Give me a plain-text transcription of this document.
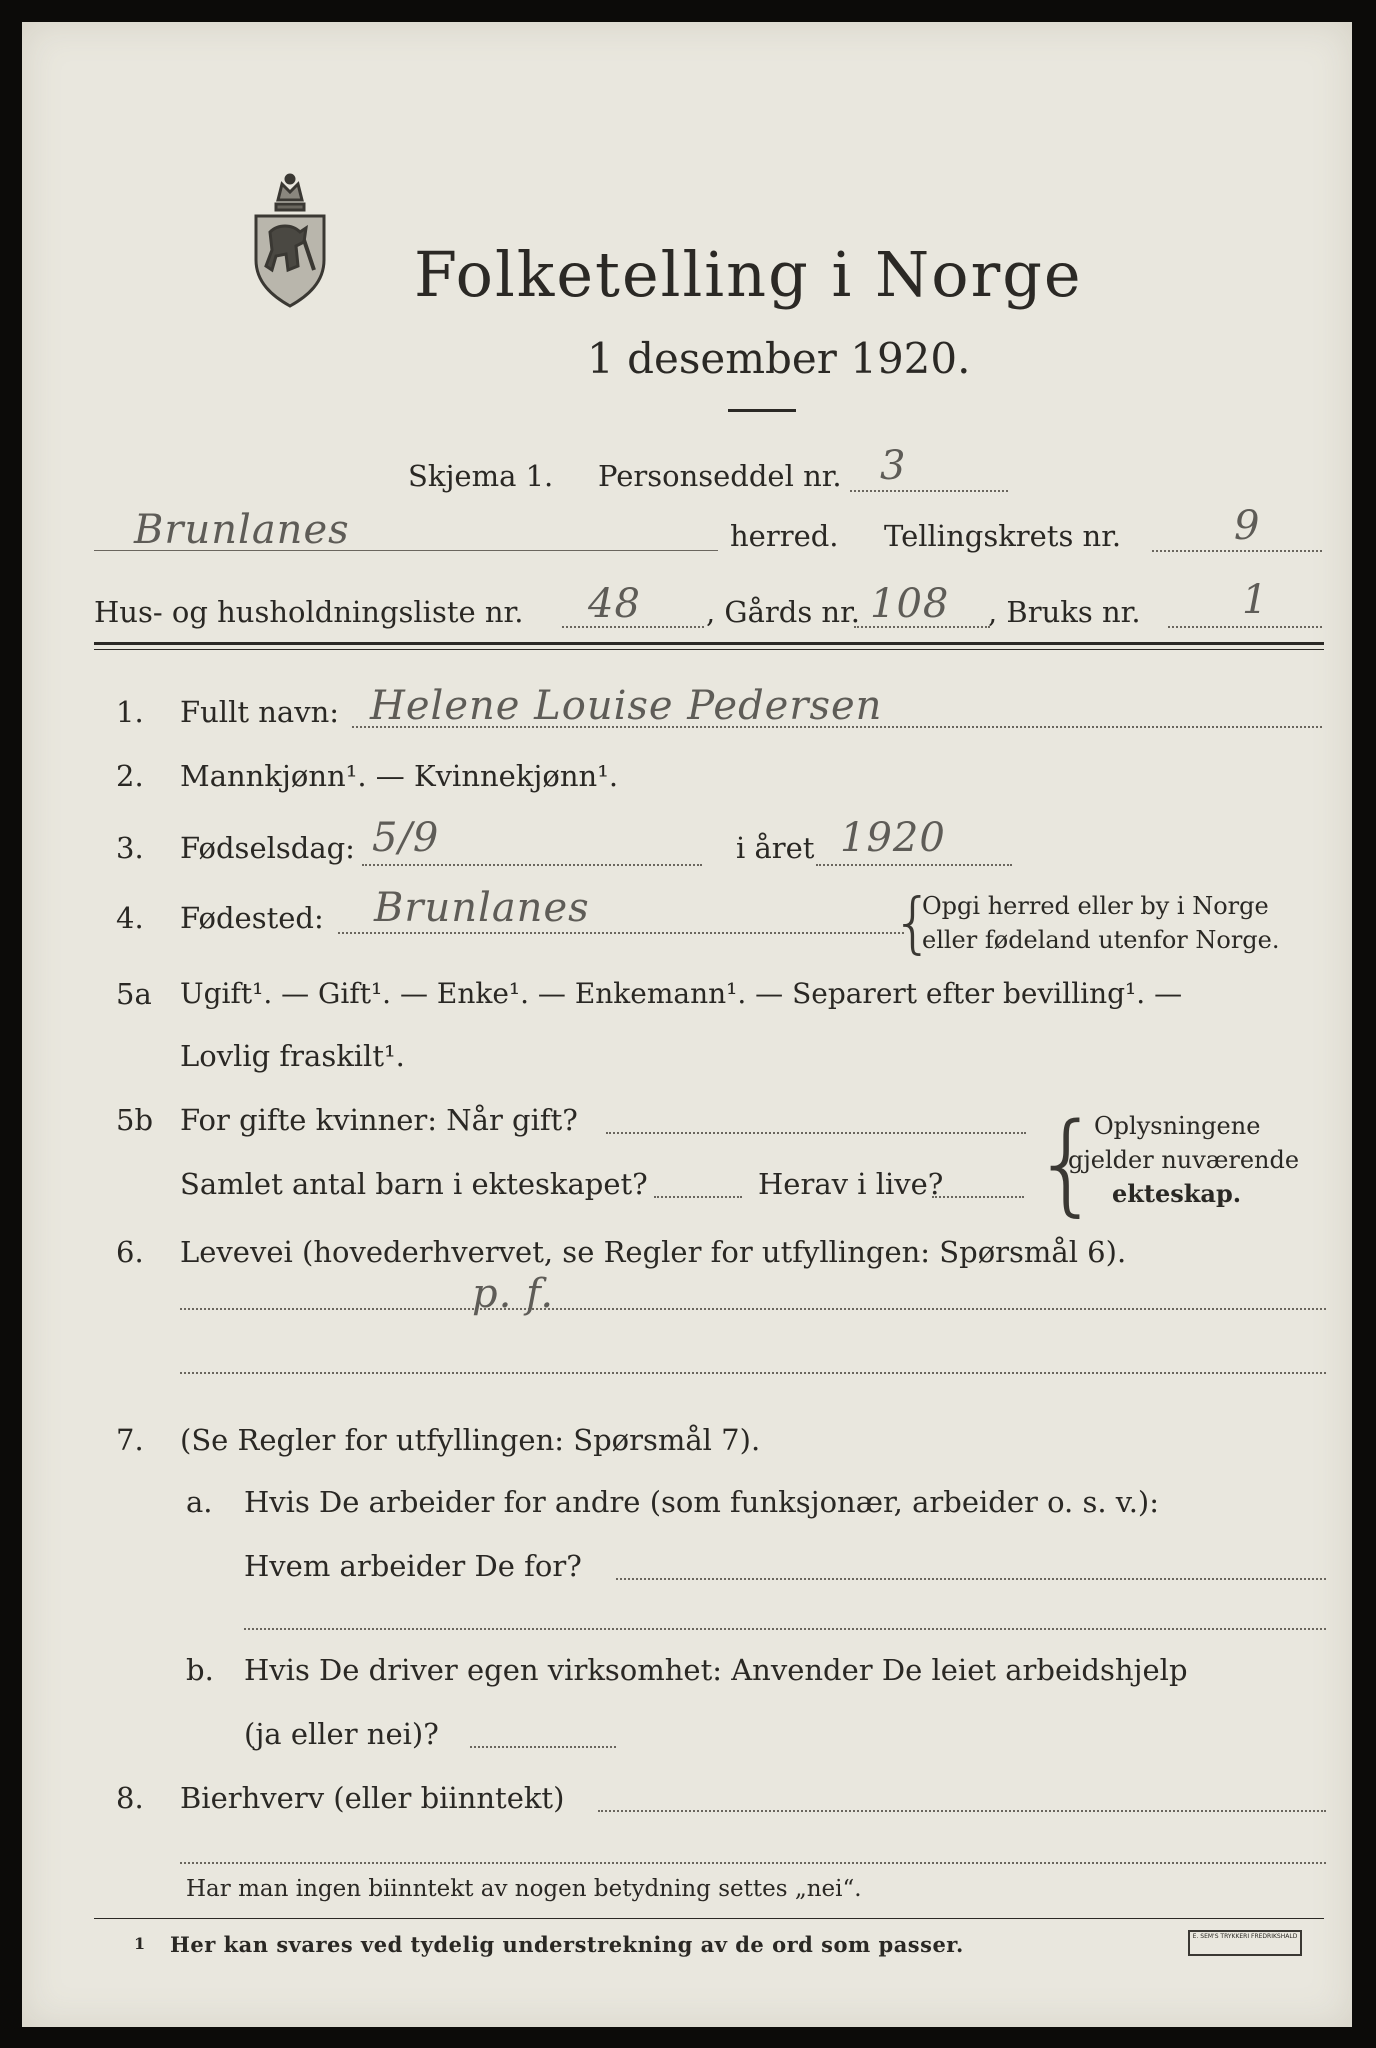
Folketelling i Norge
1 desember 1920.
Skjema 1. Personseddel nr. 3
Brunlanes	herred. Tellingskrets nr.	9
Hus- og husholdningsliste nr. 48 , Gårds nr. 108 , Bruks nr.	1
1. Fullt navn: Helene Louise Pedersen
2. Mannkjønn¹. — Kvinnekjønn¹.
3. Fødselsdag: 5/9	i året 1920
4. Fødested: Brunlanes	{
Opgi herred eller by i Norge
eller fødeland utenfor Norge.
5a Ugift¹. — Gift¹. — Enke¹. — Enkemann¹. — Separert efter bevilling¹. —
Lovlig fraskilt¹.
5b For gifte kvinner: Når gift?
Samlet antal barn i ekteskapet?	Herav i live? {
Oplysningene
gjelder nuværende
ekteskap.
6. Levevei (hovederhvervet, se Regler for utfyllingen: Spørsmål 6).
p. f.
7. (Se Regler for utfyllingen: Spørsmål 7).
a. Hvis De arbeider for andre (som funksjonær, arbeider o. s. v.):
Hvem arbeider De for?
b. Hvis De driver egen virksomhet: Anvender De leiet arbeidshjelp
(ja eller nei)?
8. Bierhverv (eller biinntekt)
Har man ingen biinntekt av nogen betydning settes „nei“.
1 Her kan svares ved tydelig understrekning av de ord som passer.	E. SEM'S TRYKKERI FREDRIKSHALD
